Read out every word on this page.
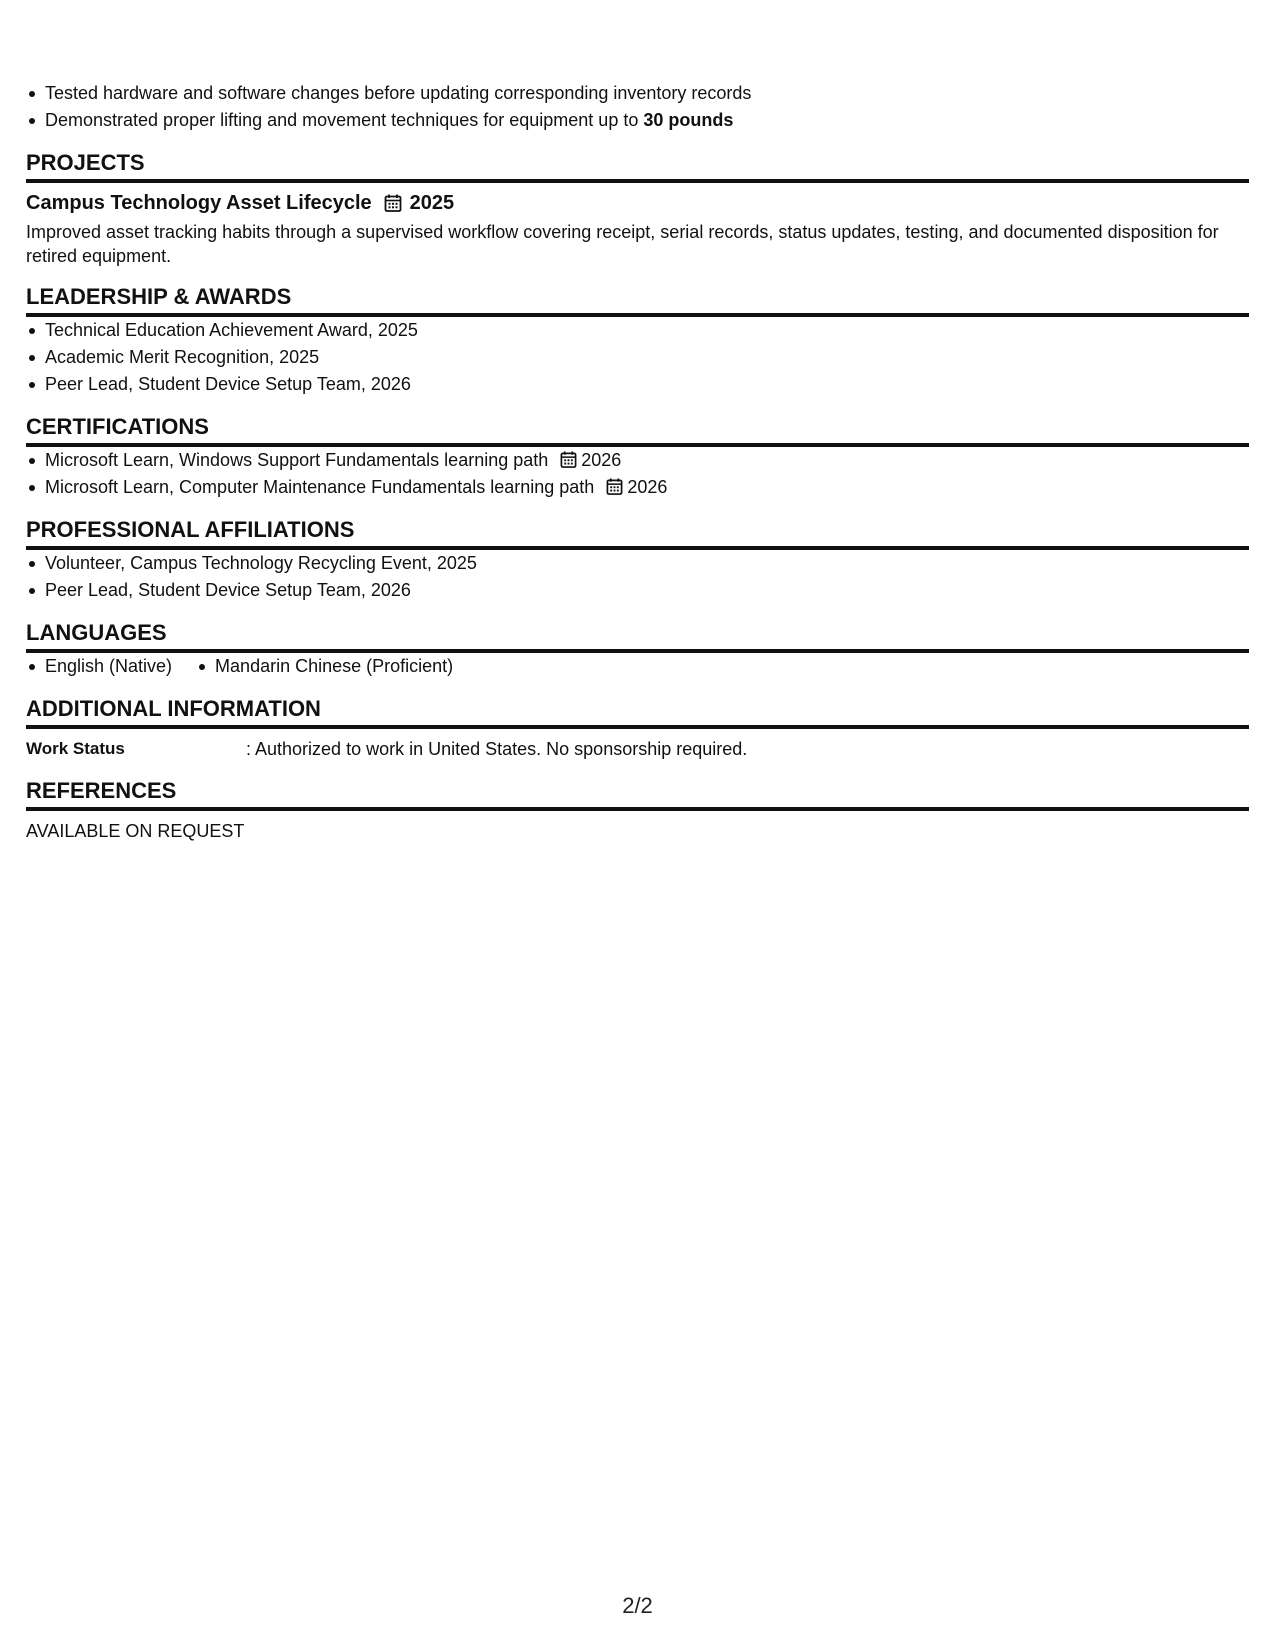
Tested hardware and software changes before updating corresponding inventory records
Demonstrated proper lifting and movement techniques for equipment up to 30 pounds
PROJECTS
Campus Technology Asset Lifecycle 2025
Improved asset tracking habits through a supervised workflow covering receipt, serial records, status updates, testing, and documented disposition for retired equipment.
LEADERSHIP & AWARDS
Technical Education Achievement Award, 2025
Academic Merit Recognition, 2025
Peer Lead, Student Device Setup Team, 2026
CERTIFICATIONS
Microsoft Learn, Windows Support Fundamentals learning path 2026
Microsoft Learn, Computer Maintenance Fundamentals learning path 2026
PROFESSIONAL AFFILIATIONS
Volunteer, Campus Technology Recycling Event, 2025
Peer Lead, Student Device Setup Team, 2026
LANGUAGES
English (Native) Mandarin Chinese (Proficient)
ADDITIONAL INFORMATION
Work Status	: Authorized to work in United States. No sponsorship required.
REFERENCES
AVAILABLE ON REQUEST
2/2
